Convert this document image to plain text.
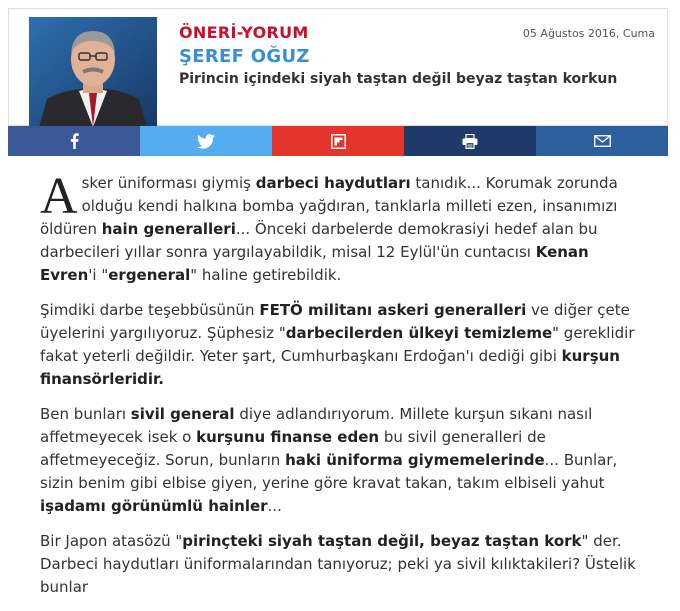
ÖNERİ-YORUM
ŞEREF OĞUZ
Pirincin içindeki siyah taştan değil beyaz taştan korkun
05 Ağustos 2016, Cuma

Asker üniforması giymiş darbeci haydutları tanıdık... Korumak zorunda olduğu kendi halkına bomba yağdıran, tanklarla milleti ezen, insanımızı öldüren hain generalleri... Önceki darbelerde demokrasiyi hedef alan bu darbecileri yıllar sonra yargılayabildik, misal 12 Eylül'ün cuntacısı Kenan Evren'i "ergeneral" haline getirebildik.

Şimdiki darbe teşebbüsünün FETÖ militanı askeri generalleri ve diğer çete üyelerini yargılıyoruz. Şüphesiz "darbecilerden ülkeyi temizleme" gereklidir fakat yeterli değildir. Yeter şart, Cumhurbaşkanı Erdoğan'ı dediği gibi kurşun finansörleridir.

Ben bunları sivil general diye adlandırıyorum. Millete kurşun sıkanı nasıl affetmeyecek isek o kurşunu finanse eden bu sivil generalleri de affetmeyeceğiz. Sorun, bunların haki üniforma giymemelerinde... Bunlar, sizin benim gibi elbise giyen, yerine göre kravat takan, takım elbiseli yahut işadamı görünümlü hainler...

Bir Japon atasözü "pirinçteki siyah taştan değil, beyaz taştan kork" der. Darbeci haydutları üniformalarından tanıyoruz; peki ya sivil kılıktakileri? Üstelik bunlar
